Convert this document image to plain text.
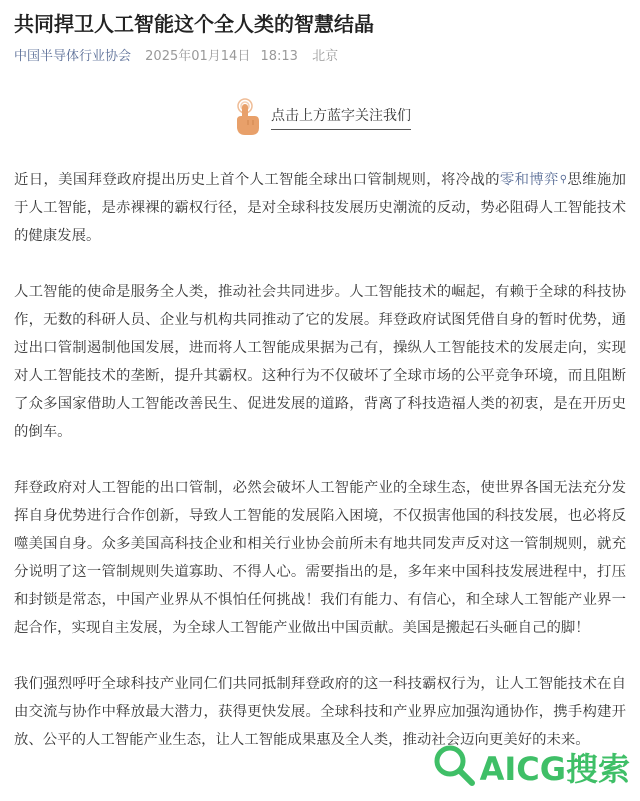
共同捍卫人工智能这个全人类的智慧结晶
中国半导体行业协会 2025年01月14日 18:13 北京
点击上方蓝字关注我们

近日，美国拜登政府提出历史上首个人工智能全球出口管制规则，将冷战的零和博弈⚲思维施加于人工智能，是赤裸裸的霸权行径，是对全球科技发展历史潮流的反动，势必阻碍人工智能技术的健康发展。

人工智能的使命是服务全人类，推动社会共同进步。人工智能技术的崛起，有赖于全球的科技协作，无数的科研人员、企业与机构共同推动了它的发展。拜登政府试图凭借自身的暂时优势，通过出口管制遏制他国发展，进而将人工智能成果据为己有，操纵人工智能技术的发展走向，实现对人工智能技术的垄断，提升其霸权。这种行为不仅破坏了全球市场的公平竞争环境，而且阻断了众多国家借助人工智能改善民生、促进发展的道路，背离了科技造福人类的初衷，是在开历史的倒车。

拜登政府对人工智能的出口管制，必然会破坏人工智能产业的全球生态，使世界各国无法充分发挥自身优势进行合作创新，导致人工智能的发展陷入困境，不仅损害他国的科技发展，也必将反噬美国自身。众多美国高科技企业和相关行业协会前所未有地共同发声反对这一管制规则，就充分说明了这一管制规则失道寡助、不得人心。需要指出的是，多年来中国科技发展进程中，打压和封锁是常态，中国产业界从不惧怕任何挑战！我们有能力、有信心，和全球人工智能产业界一起合作，实现自主发展，为全球人工智能产业做出中国贡献。美国是搬起石头砸自己的脚！

我们强烈呼吁全球科技产业同仁们共同抵制拜登政府的这一科技霸权行为，让人工智能技术在自由交流与协作中释放最大潜力，获得更快发展。全球科技和产业界应加强沟通协作，携手构建开放、公平的人工智能产业生态，让人工智能成果惠及全人类，推动社会迈向更美好的未来。

AICG搜索
